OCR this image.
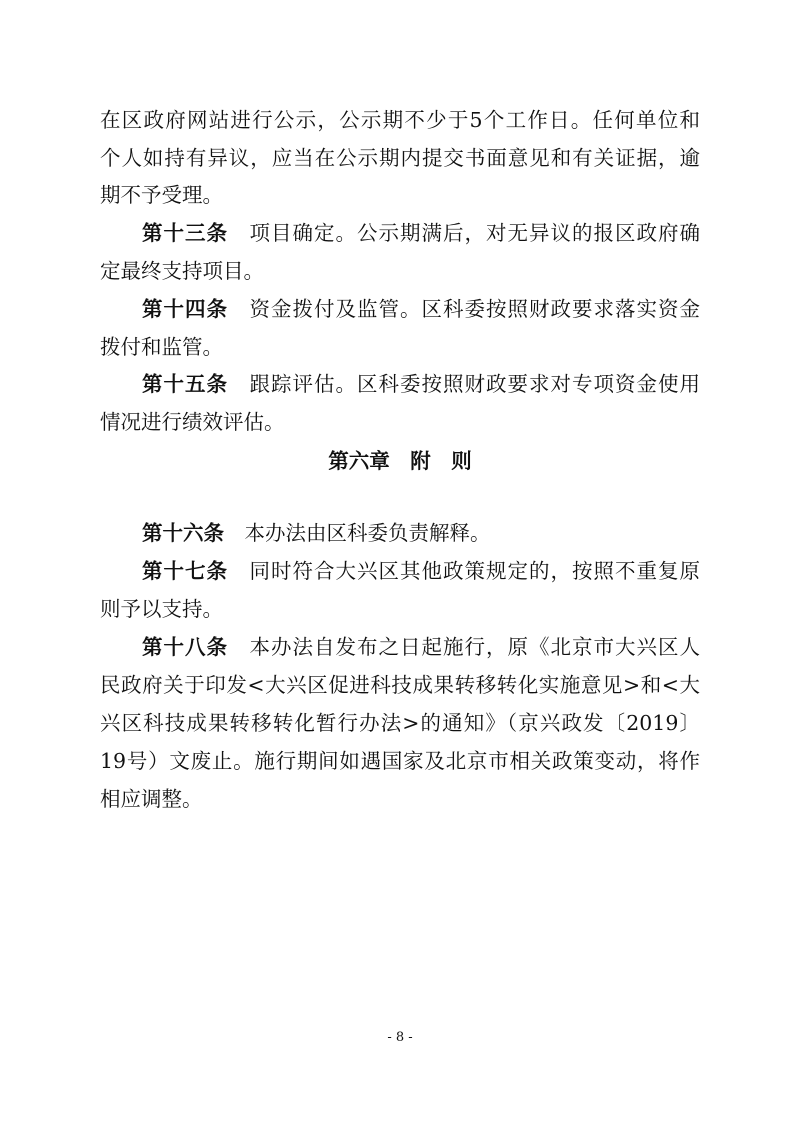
在区政府网站进行公示，公示期不少于5个工作日。任何单位和
个人如持有异议，应当在公示期内提交书面意见和有关证据，逾
期不予受理。
第十三条　 项目确定。公示期满后，对无异议的报区政府确
定最终支持项目。
第十四条　 资金拨付及监管。区科委按照财政要求落实资金
拨付和监管。
第十五条　 跟踪评估。区科委按照财政要求对专项资金使用
情况进行绩效评估。
第六章　附　则
第十六条　 本办法由区科委负责解释。
第十七条　 同时符合大兴区其他政策规定的，按照不重复原
则予以支持。
第十八条　 本办法自发布之日起施行，原《北京市大兴区人
民政府关于印发<大兴区促进科技成果转移转化实施意见>和<大
兴区科技成果转移转化暂行办法>的通知》（京兴政发〔2019〕
19号）文废止。施行期间如遇国家及北京市相关政策变动，将作
相应调整。
- 8 -
